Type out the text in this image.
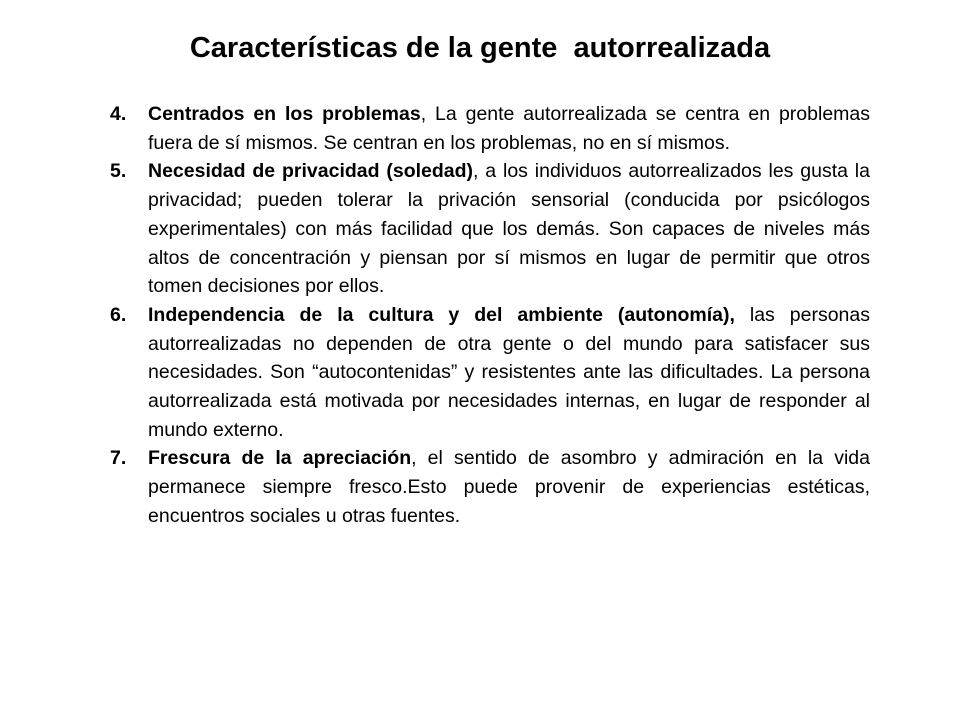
Características de la gente  autorrealizada
4. Centrados en los problemas, La gente autorrealizada se centra en problemas fuera de sí mismos. Se centran en los problemas, no en sí mismos.
5. Necesidad de privacidad (soledad), a los individuos autorrealizados les gusta la privacidad; pueden tolerar la privación sensorial (conducida por psicólogos experimentales) con más facilidad que los demás. Son capaces de niveles más altos de concentración y piensan por sí mismos en lugar de permitir que otros tomen decisiones por ellos.
6. Independencia de la cultura y del ambiente (autonomía), las personas autorrealizadas no dependen de otra gente o del mundo para satisfacer sus necesidades. Son “autocontenidas” y resistentes ante las dificultades. La persona autorrealizada está motivada por necesidades internas, en lugar de responder al mundo externo.
7. Frescura de la apreciación, el sentido de asombro y admiración en la vida permanece siempre fresco.Esto puede provenir de experiencias estéticas, encuentros sociales u otras fuentes.
